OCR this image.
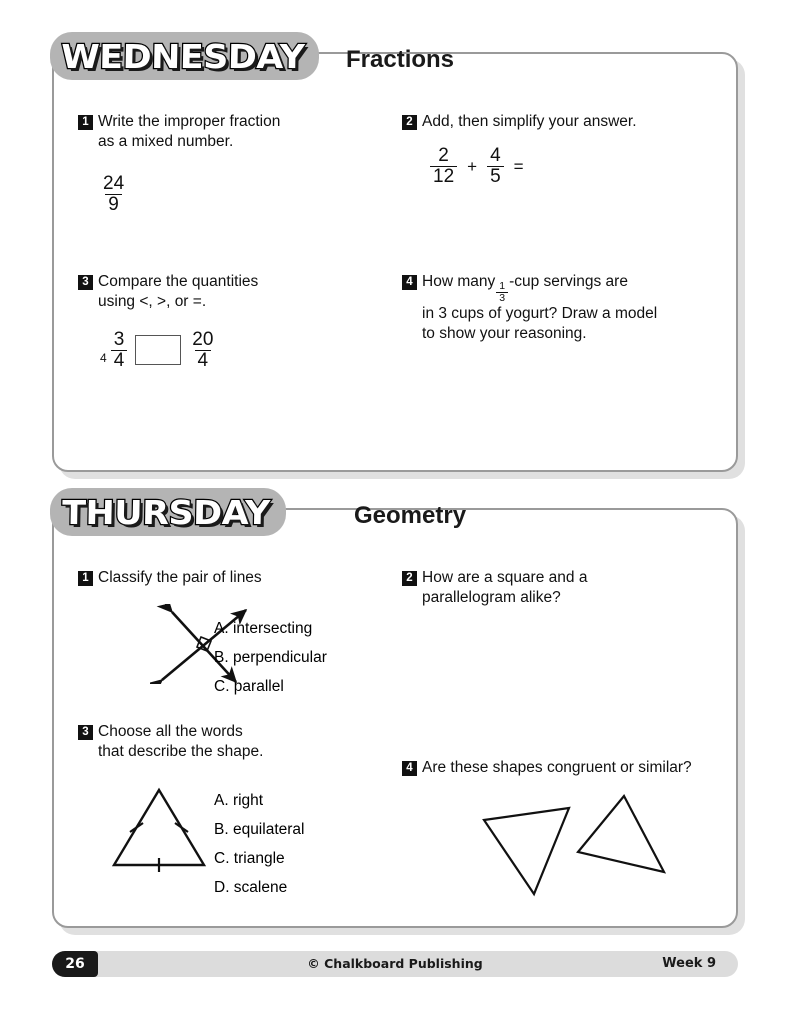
WEDNESDAY Fractions
1 Write the improper fraction
as a mixed number.
$\frac{24}{9}$
2 Add, then simplify your answer.
$\frac{2}{12} + \frac{4}{5}$ =
3 Compare the quantities
using <, >, or =.
$4 \frac{3}{4}$	$\frac{20}{4}$
4 How many $\frac{1}{3} -cup$ servings are
in 3 cups of yogurt? Draw a model
to show your reasoning.
THURSDAY	Geometry
1 Classify the pair of lines
A. intersecting
B. perpendicular
C. parallel
2 How are a square and a
parallelogram alike?
3 Choose all the words
that describe the shape.
A. right
B. equilateral
C. triangle
D. scalene
4 Are these shapes congruent or similar?
26	© Chalkboard Publishing	Week 9
